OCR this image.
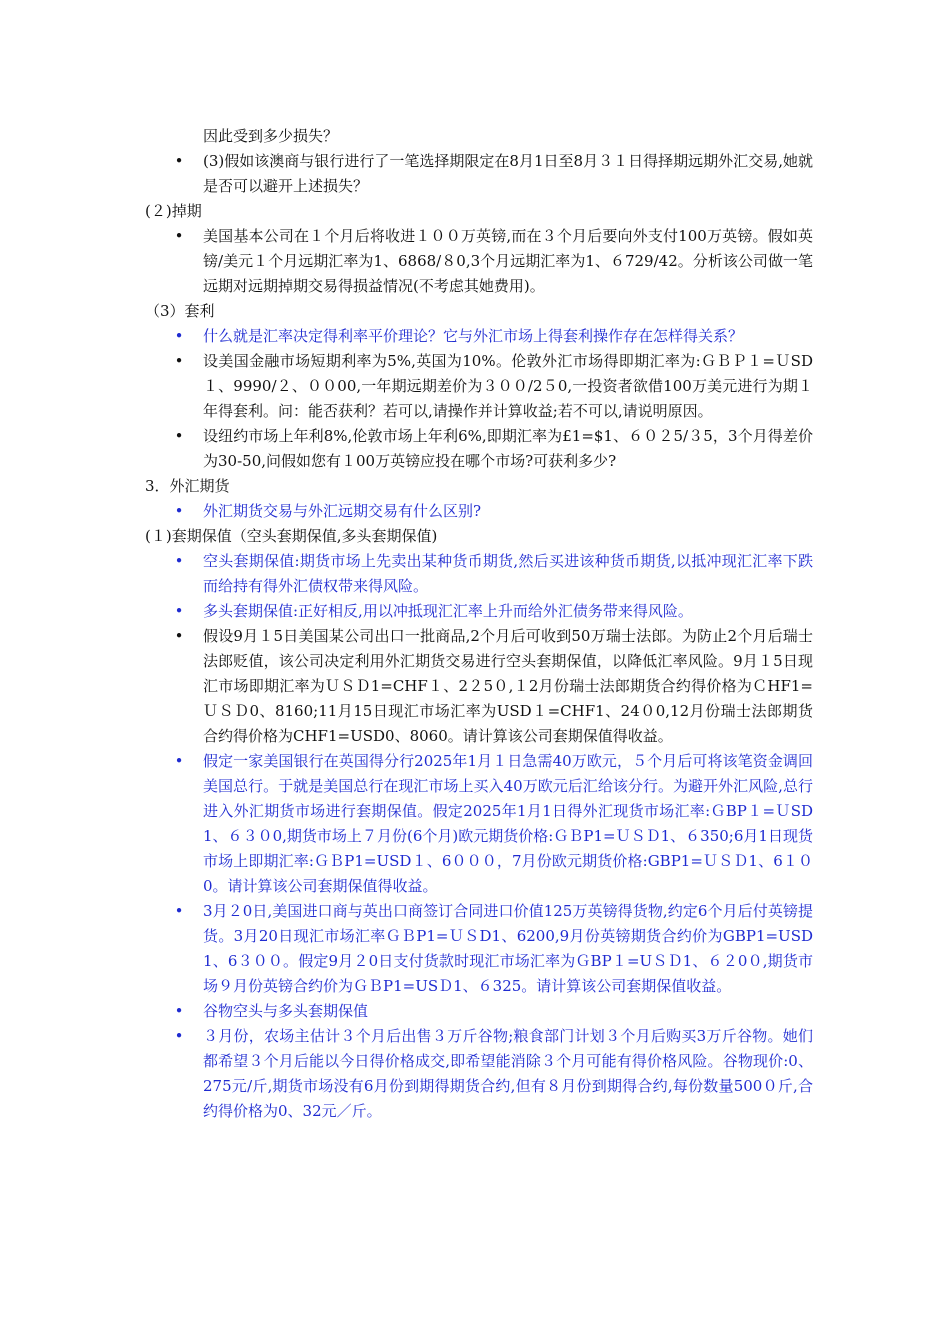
因此受到多少损失？
• (3)假如该澳商与银行进行了一笔选择期限定在8月1日至8月３１日得择期远期外汇交易,她就是否可以避开上述损失？
(２)掉期
• 美国基本公司在１个月后将收进１００万英镑,而在３个月后要向外支付100万英镑。假如英镑/美元１个月远期汇率为1、6868/８0,3个月远期汇率为1、６729/42。分析该公司做一笔远期对远期掉期交易得损益情况(不考虑其她费用)。
（3）套利
• 什么就是汇率决定得利率平价理论？它与外汇市场上得套利操作存在怎样得关系？
• 设美国金融市场短期利率为5%,英国为10%。伦敦外汇市场得即期汇率为:ＧＢＰ１=ＵSD１、9990/２、００00,一年期远期差价为３００/2５0,一投资者欲借100万美元进行为期１年得套利。问：能否获利？若可以,请操作并计算收益;若不可以,请说明原因。
• 设纽约市场上年利8%,伦敦市场上年利6%,即期汇率为£1=$1、６０２5/３5，3个月得差价为30-50,问假如您有１00万英镑应投在哪个市场?可获利多少?
3．外汇期货
• 外汇期货交易与外汇远期交易有什么区别?
(１)套期保值（空头套期保值,多头套期保值)
• 空头套期保值:期货市场上先卖出某种货币期货,然后买进该种货币期货,以抵冲现汇汇率下跌而给持有得外汇债权带来得风险。
• 多头套期保值:正好相反,用以冲抵现汇汇率上升而给外汇债务带来得风险。
• 假设9月１5日美国某公司出口一批商品,2个月后可收到50万瑞士法郎。为防止2个月后瑞士法郎贬值，该公司决定利用外汇期货交易进行空头套期保值，以降低汇率风险。9月１5日现汇市场即期汇率为ＵＳＤ1=CHF１、2２5０,１2月份瑞士法郎期货合约得价格为ＣHF1=ＵＳＤ0、8160;11月15日现汇市场汇率为USD１=CHF1、24０0,12月份瑞士法郎期货合约得价格为CHF1=USD0、8060。请计算该公司套期保值得收益。
• 假定一家美国银行在英国得分行2025年1月１日急需40万欧元，５个月后可将该笔资金调回美国总行。于就是美国总行在现汇市场上买入40万欧元后汇给该分行。为避开外汇风险,总行进入外汇期货市场进行套期保值。假定2025年1月1日得外汇现货市场汇率:ＧBP１=ＵSD1、６３０0,期货市场上７月份(6个月)欧元期货价格:ＧＢP1=ＵＳＤ1、６350;6月1日现货市场上即期汇率:ＧＢP1=USD１、6０００，7月份欧元期货价格:GBP1=ＵＳＤ1、6１０0。请计算该公司套期保值得收益。
• 3月２0日,美国进口商与英出口商签订合同进口价值125万英镑得货物,约定6个月后付英镑提货。3月20日现汇市场汇率ＧＢP1=ＵＳD1、6200,9月份英镑期货合约价为GBP1=USD1、6３００。假定9月２0日支付货款时现汇市场汇率为ＧBP１=UＳＤ1、６２0０,期货市场９月份英镑合约价为ＧＢP1=USＤ1、６325。请计算该公司套期保值收益。
• 谷物空头与多头套期保值
• ３月份，农场主估计３个月后出售３万斤谷物;粮食部门计划３个月后购买3万斤谷物。她们都希望３个月后能以今日得价格成交,即希望能消除３个月可能有得价格风险。谷物现价:0、275元/斤,期货市场没有6月份到期得期货合约,但有８月份到期得合约,每份数量500０斤,合约得价格为0、32元／斤。
